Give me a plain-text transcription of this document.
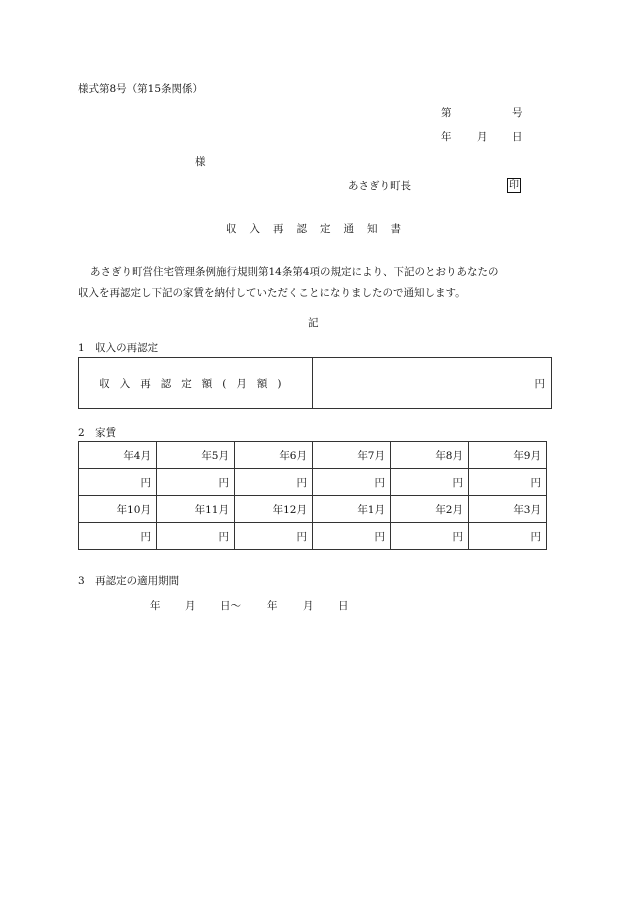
様式第8号（第15条関係）
第	号
年 月 日
様
あさぎり町長	印
収入再認定通知書
あさぎり町営住宅管理条例施行規則第14条第4項の規定により、下記のとおりあなたの
収入を再認定し下記の家賃を納付していただくことになりましたので通知します。
記
1　収入の再認定
収入再認定額(月額)	円
2　家賃
年4月	年5月	年6月	年7月	年8月	年9月
円	円	円	円	円	円
年10月	年11月	年12月	年1月	年2月	年3月
円	円	円	円	円	円
3　再認定の適用期間
年 月 日～ 年 月 日
